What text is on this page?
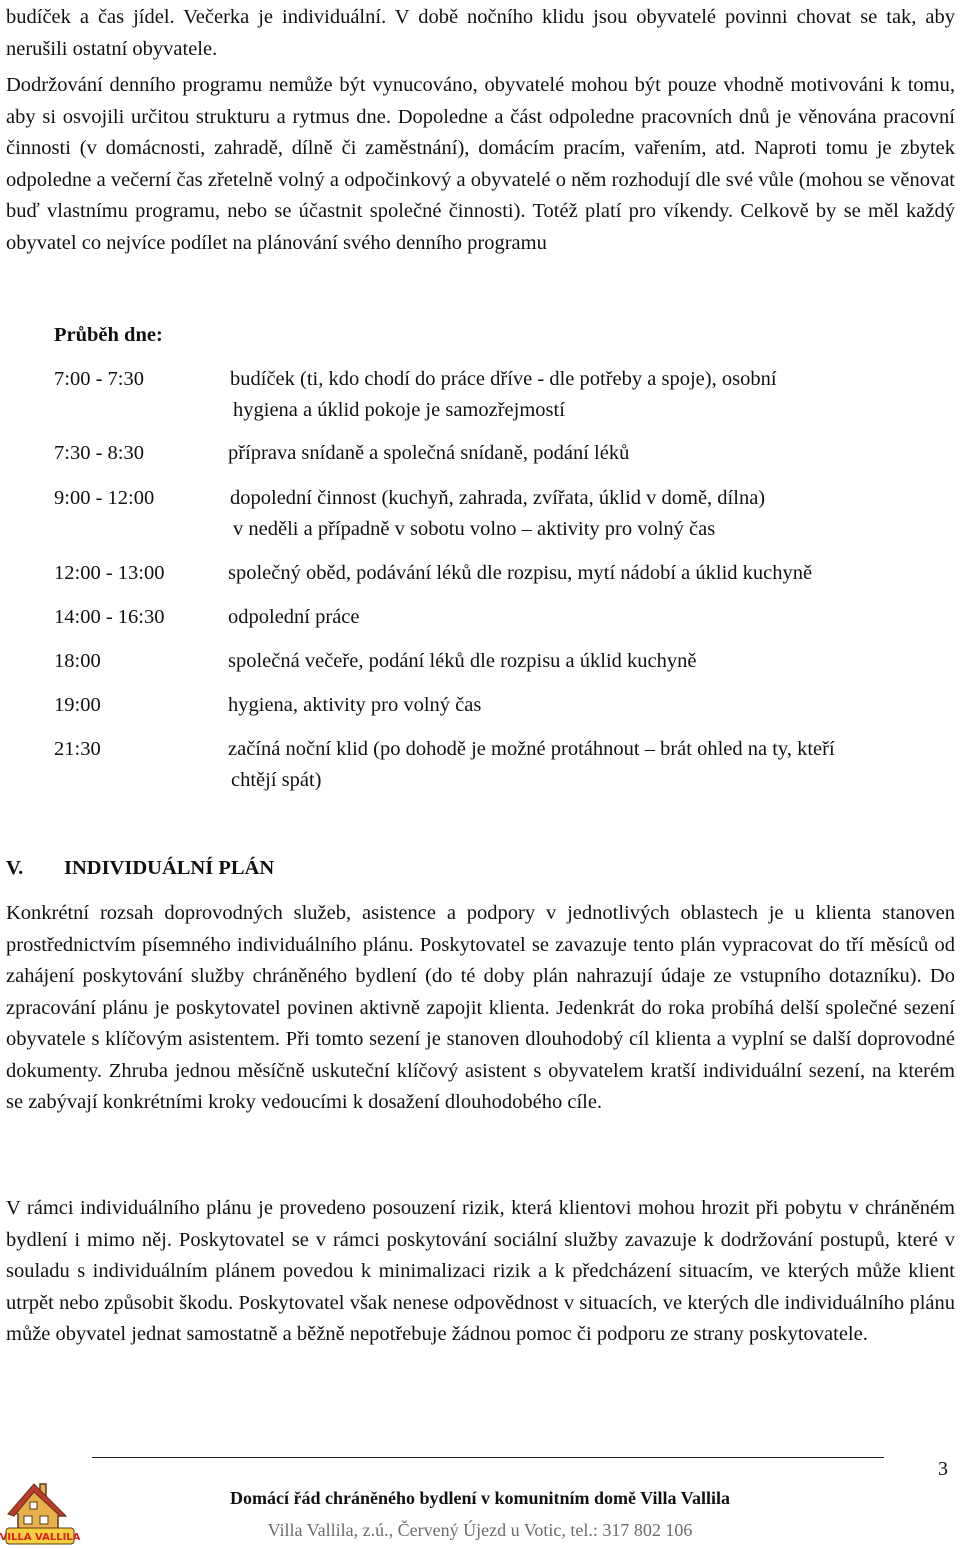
budíček a čas jídel. Večerka je individuální. V době nočního klidu jsou obyvatelé povinni chovat se tak, aby nerušili ostatní obyvatele.

Dodržování denního programu nemůže být vynucováno, obyvatelé mohou být pouze vhodně motivováni k tomu, aby si osvojili určitou strukturu a rytmus dne. Dopoledne a část odpoledne pracovních dnů je věnována pracovní činnosti (v domácnosti, zahradě, dílně či zaměstnání), domácím pracím, vařením, atd. Naproti tomu je zbytek odpoledne a večerní čas zřetelně volný a odpočinkový a obyvatelé o něm rozhodují dle své vůle (mohou se věnovat buď vlastnímu programu, nebo se účastnit společné činnosti). Totéž platí pro víkendy. Celkově by se měl každý obyvatel co nejvíce podílet na plánování svého denního programu

Průběh dne:

7:00 - 7:30	budíček (ti, kdo chodí do práce dříve - dle potřeby a spoje), osobní
hygiena a úklid pokoje je samozřejmostí
7:30 - 8:30	příprava snídaně a společná snídaně, podání léků
9:00 - 12:00	dopolední činnost (kuchyň, zahrada, zvířata, úklid v domě, dílna)
v neděli a případně v sobotu volno – aktivity pro volný čas
12:00 - 13:00	společný oběd, podávání léků dle rozpisu, mytí nádobí a úklid kuchyně
14:00 - 16:30	odpolední práce
18:00	společná večeře, podání léků dle rozpisu a úklid kuchyně
19:00	hygiena, aktivity pro volný čas
21:30	začíná noční klid (po dohodě je možné protáhnout – brát ohled na ty, kteří
chtějí spát)

V. INDIVIDUÁLNÍ PLÁN

Konkrétní rozsah doprovodných služeb, asistence a podpory v jednotlivých oblastech je u klienta stanoven prostřednictvím písemného individuálního plánu. Poskytovatel se zavazuje tento plán vypracovat do tří měsíců od zahájení poskytování služby chráněného bydlení (do té doby plán nahrazují údaje ze vstupního dotazníku). Do zpracování plánu je poskytovatel povinen aktivně zapojit klienta. Jedenkrát do roka probíhá delší společné sezení obyvatele s klíčovým asistentem. Při tomto sezení je stanoven dlouhodobý cíl klienta a vyplní se další doprovodné dokumenty. Zhruba jednou měsíčně uskuteční klíčový asistent s obyvatelem kratší individuální sezení, na kterém se zabývají konkrétními kroky vedoucími k dosažení dlouhodobého cíle.

V rámci individuálního plánu je provedeno posouzení rizik, která klientovi mohou hrozit při pobytu v chráněném bydlení i mimo něj. Poskytovatel se v rámci poskytování sociální služby zavazuje k dodržování postupů, které v souladu s individuálním plánem povedou k minimalizaci rizik a k předcházení situacím, ve kterých může klient utrpět nebo způsobit škodu. Poskytovatel však nenese odpovědnost v situacích, ve kterých dle individuálního plánu může obyvatel jednat samostatně a běžně nepotřebuje žádnou pomoc či podporu ze strany poskytovatele.

3
VILLA VALLILA
Domácí řád chráněného bydlení v komunitním domě Villa Vallila
Villa Vallila, z.ú., Červený Újezd u Votic, tel.: 317 802 106
